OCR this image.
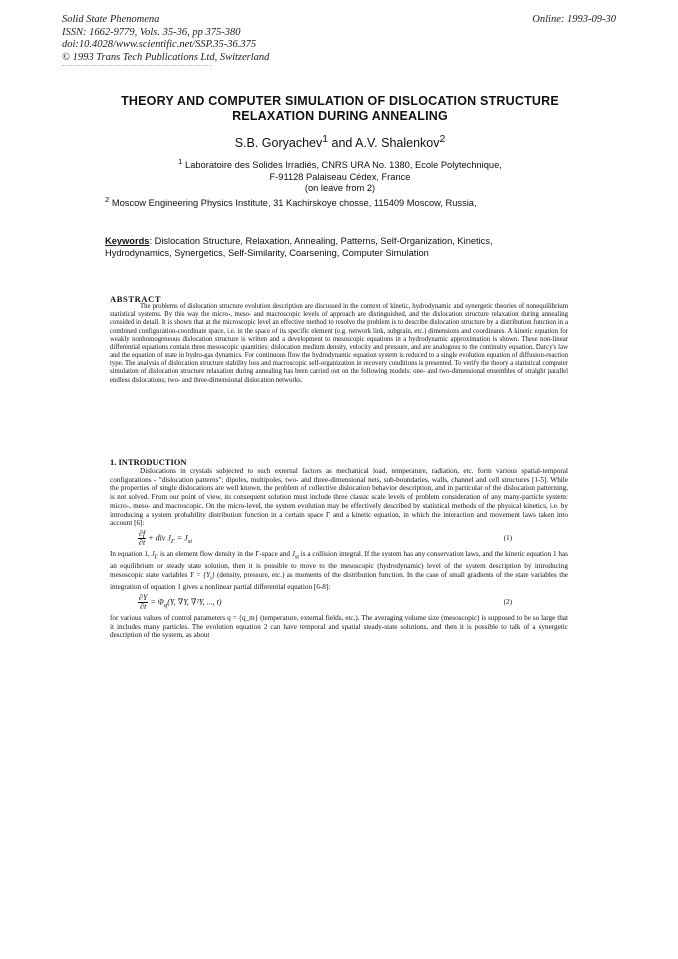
Solid State Phenomena
ISSN: 1662-9779, Vols. 35-36, pp 375-380
doi:10.4028/www.scientific.net/SSP.35-36.375
© 1993 Trans Tech Publications Ltd, Switzerland
Online: 1993-09-30
THEORY AND COMPUTER SIMULATION OF DISLOCATION STRUCTURE
RELAXATION DURING ANNEALING
S.B. Goryachev$^1$ and A.V. Shalenkov$^2$
$^1$ Laboratoire des Solides Irradiés, CNRS URA No. 1380, Ecole Polytechnique,
F-91128 Palaiseau Cédex, France
(on leave from 2)
$^2$ Moscow Engineering Physics Institute, 31 Kachirskoye chosse, 115409 Moscow, Russia,
Keywords: Dislocation Structure, Relaxation, Annealing, Patterns, Self-Organization, Kinetics, Hydrodynamics, Synergetics, Self-Similarity, Coarsening, Computer Simulation
ABSTRACT
The problems of dislocation structure evolution description are discussed in the context of kinetic, hydrodynamic and synergetic theories of nonequilibrium statistical systems. By this way the micro-, meso- and macroscopic levels of approach are distinguished, and the dislocation structure relaxation during annealing consided in detail. It is shown that at the microscopic level an effective method to resolve the problem is to describe dislocation structure by a distribution function in a combined configuration-coordinate space, i.e. in the space of its specific element (e.g. network link, subgrain, etc.) dimensions and coordinates. A kinetic equation for weakly nonhomogeneous dislocation structure is written and a development to mesoscopic equations in a hydrodynamic approximation is shown. These non-linear differential equations contain three mesoscopic quantities: dislocation medium density, velocity and pressure, and are analogous to the continuity equation, Darcy's law and the equation of state in hydro-gas dynamics. For continuous flow the hydrodynamic equation system is reduced to a single evolution equation of diffusion-reaction type. The analysis of dislocation structure stability loss and macroscopic self-organization in recovery conditions is presented. To verify the theory a statistical computer simulation of dislocation structure relaxation during annealing has been carried out on the following models: one- and two-dimensional ensembles of straight parallel endless dislocations; two- and three-dimensional dislocation networks.
1. INTRODUCTION

Dislocations in crystals subjected to such external factors as mechanical load, temperature, radiation, etc. form various spatial-temporal configurations - "dislocation patterns": dipoles, multipoles, two- and three-dimensional nets, sub-boundaries, walls, channel and cell structures [1-5]. While the properties of single dislocations are well known, the problem of collective dislocation behavior description, and in particular of the dislocation patterning, is not solved. From our point of view, its consequent solution must include three classic scale levels of problem consideration of any many-particle system: micro-, meso- and macroscopic. On the micro-level, the system evolution may be effectively described by statistical methods of the physical kinetics, i.e. by introducing a system probability distribution function in a certain space Γ and a kinetic equation, in which the interaction and movement laws taken into account [6]:

$\frac{\partial f}{\partial t}$ + div $J_\Gamma = J_{st}$	(1)

In equation 1, $J_\Gamma$ is an element flow density in the Γ-space and $J_{st}$ is a collision integral. If the system has any conservation laws, and the kinetic equation 1 has an equilibrium or steady state solution, then it is possible to move to the mesoscopic (hydrodynamic) level of the system description by introducing mesoscopic state variables $Y = \{Y_i\}$ (density, pressure, etc.) as moments of the distribution function. In the case of small gradients of the state variables the integration of equation 1 gives a nonlinear partial differential equation [6-8]:

$\frac{\partial Y}{\partial t} = \Phi_q(Y$, ∇Y, ∇²Y, ..., t)	(2)

for various values of control parameters q = {q_m} (temperature, external fields, etc.). The averaging volume size (mesoscopic) is supposed to be so large that it includes many particles. The evolution equation 2 can have temporal and spatial steady-state solutions, and then it is possible to talk of a synergetic description of the system, as about
